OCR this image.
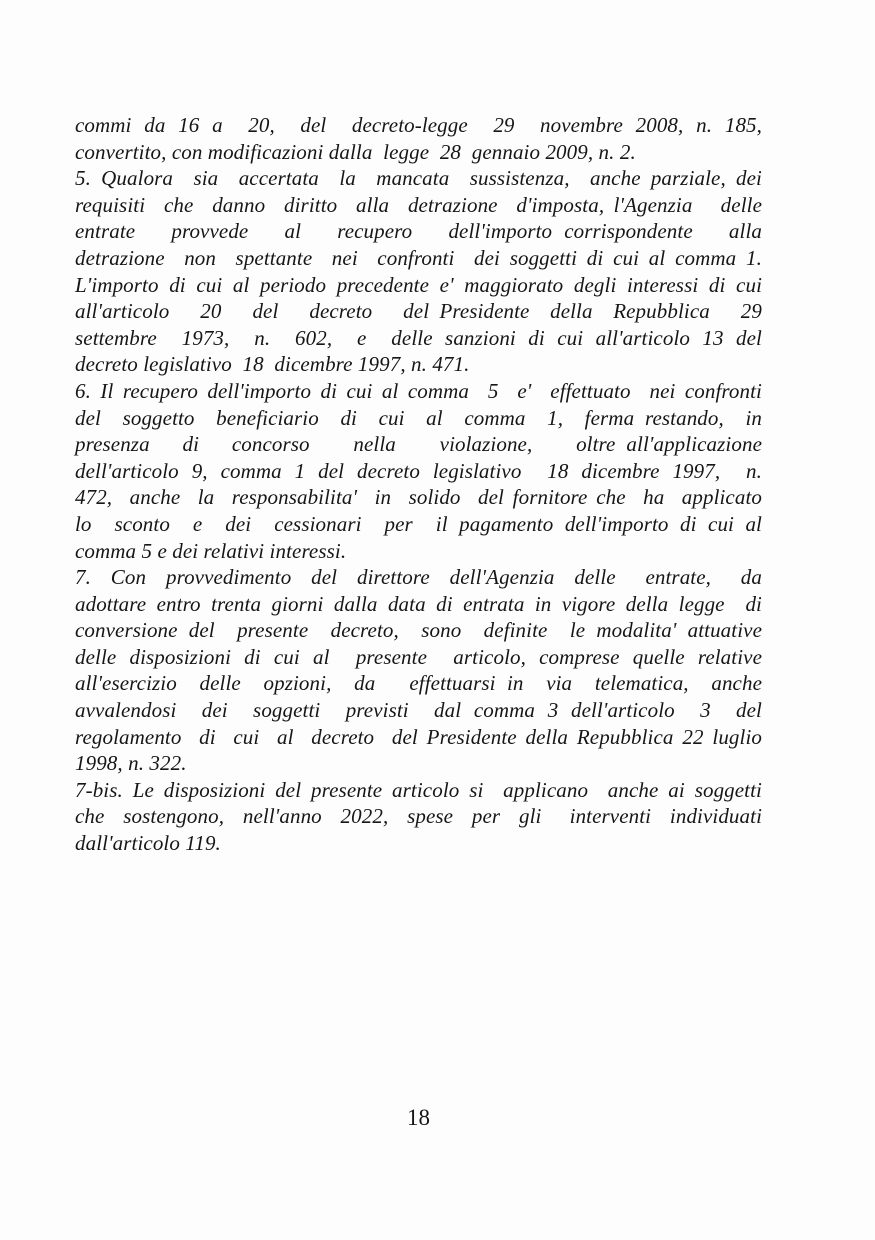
commi da 16 a  20,  del  decreto-legge  29  novembre 2008, n. 185,
convertito, con modificazioni dalla  legge  28  gennaio 2009, n. 2.
5. Qualora  sia  accertata  la  mancata  sussistenza,  anche parziale, dei
requisiti  che  danno  diritto  alla  detrazione  d'imposta, l'Agenzia   delle
entrate   provvede   al   recupero   dell'importo corrispondente   alla
detrazione  non  spettante  nei  confronti  dei soggetti di cui al comma 1.
L'importo di cui al periodo precedente e' maggiorato degli interessi di cui
all'articolo   20   del   decreto   del Presidente  della  Repubblica   29
settembre  1973,  n.  602,  e  delle sanzioni di cui all'articolo 13 del
decreto legislativo  18  dicembre 1997, n. 471.
6. Il recupero dell'importo di cui al comma  5  e'  effettuato  nei confronti
del  soggetto  beneficiario  di  cui  al  comma  1,  ferma restando,  in
presenza   di   concorso    nella    violazione,    oltre all'applicazione
dell'articolo 9, comma 1 del decreto legislativo  18 dicembre 1997,  n.
472,  anche  la  responsabilita'  in  solido  del fornitore che  ha  applicato
lo  sconto  e  dei  cessionari  per  il pagamento dell'importo di cui al
comma 5 e dei relativi interessi.
7.  Con  provvedimento  del  direttore  dell'Agenzia  delle   entrate,   da
adottare entro trenta giorni dalla data di entrata in vigore della legge  di
conversione del  presente  decreto,  sono  definite  le modalita' attuative
delle disposizioni di cui al  presente  articolo, comprese quelle relative
all'esercizio  delle  opzioni,  da   effettuarsi in  via  telematica,  anche
avvalendosi  dei  soggetti  previsti  dal comma 3 dell'articolo  3  del
regolamento  di  cui  al  decreto  del Presidente della Repubblica 22 luglio
1998, n. 322.
7-bis. Le disposizioni del presente articolo si  applicano  anche ai soggetti
che  sostengono,  nell'anno  2022,  spese  per  gli   interventi  individuati
dall'articolo 119.
18
